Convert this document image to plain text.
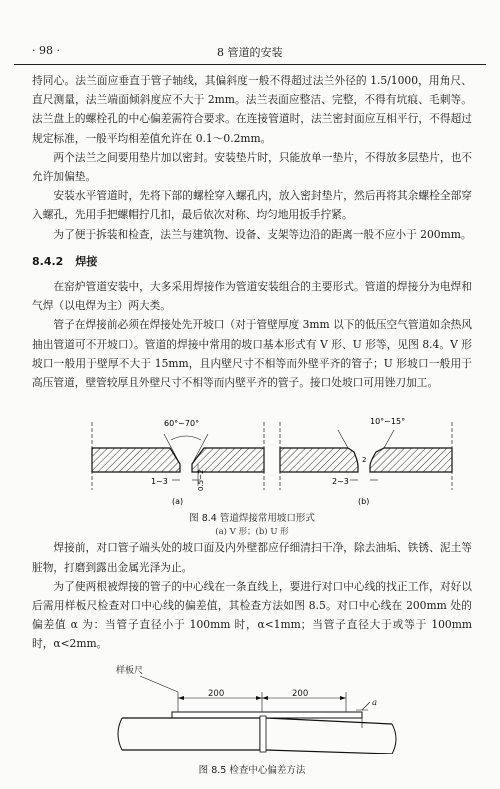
· 98 ·	8 管道的安装

持同心。法兰面应垂直于管子轴线，其偏斜度一般不得超过法兰外径的 1.5/1000，用角尺、直尺测量，法兰端面倾斜度应不大于 2mm。法兰表面应整洁、完整，不得有坑痕、毛刺等。法兰盘上的螺栓孔的中心偏差需符合要求。在连接管道时，法兰密封面应互相平行，不得超过规定标准，一般平均相差值允许在 0.1～0.2mm。

两个法兰之间要用垫片加以密封。安装垫片时，只能放单一垫片，不得放多层垫片，也不允许加偏垫。

安装水平管道时，先将下部的螺栓穿入螺孔内，放入密封垫片，然后再将其余螺栓全部穿入螺孔，先用手把螺帽拧几扣，最后依次对称、均匀地用扳手拧紧。

为了便于拆装和检查，法兰与建筑物、设备、支架等边沿的距离一般不应小于 200mm。

8.4.2 焊接

在窑炉管道安装中，大多采用焊接作为管道安装组合的主要形式。管道的焊接分为电焊和气焊（以电焊为主）两大类。

管子在焊接前必须在焊接处先开坡口（对于管壁厚度 3mm 以下的低压空气管道如余热风抽出管道可不开坡口）。管道的焊接中常用的坡口基本形式有 V 形、U 形等，见图 8.4。V 形坡口一般用于壁厚不大于 15mm，且内壁尺寸不相等而外壁平齐的管子；U 形坡口一般用于高压管道，壁管较厚且外壁尺寸不相等而内壁平齐的管子。接口处坡口可用锉刀加工。

60°~70°
1~3	0.5~2
(a)
10°~15°
2~3
2
(b)
图 8.4 管道焊接常用坡口形式
(a) V 形；(b) U 形

焊接前，对口管子端头处的坡口面及内外壁都应仔细清扫干净，除去油垢、铁锈、泥土等脏物，打磨到露出金属光泽为止。

为了使两根被焊接的管子的中心线在一条直线上，要进行对口中心线的找正工作，对好以后需用样板尺检查对口中心线的偏差值，其检查方法如图 8.5。对口中心线在 200mm 处的偏差值 α 为：当管子直径小于 100mm 时，α<1mm；当管子直径大于或等于 100mm 时，α<2mm。

样板尺
200	200
a
图 8.5 检查中心偏差方法
